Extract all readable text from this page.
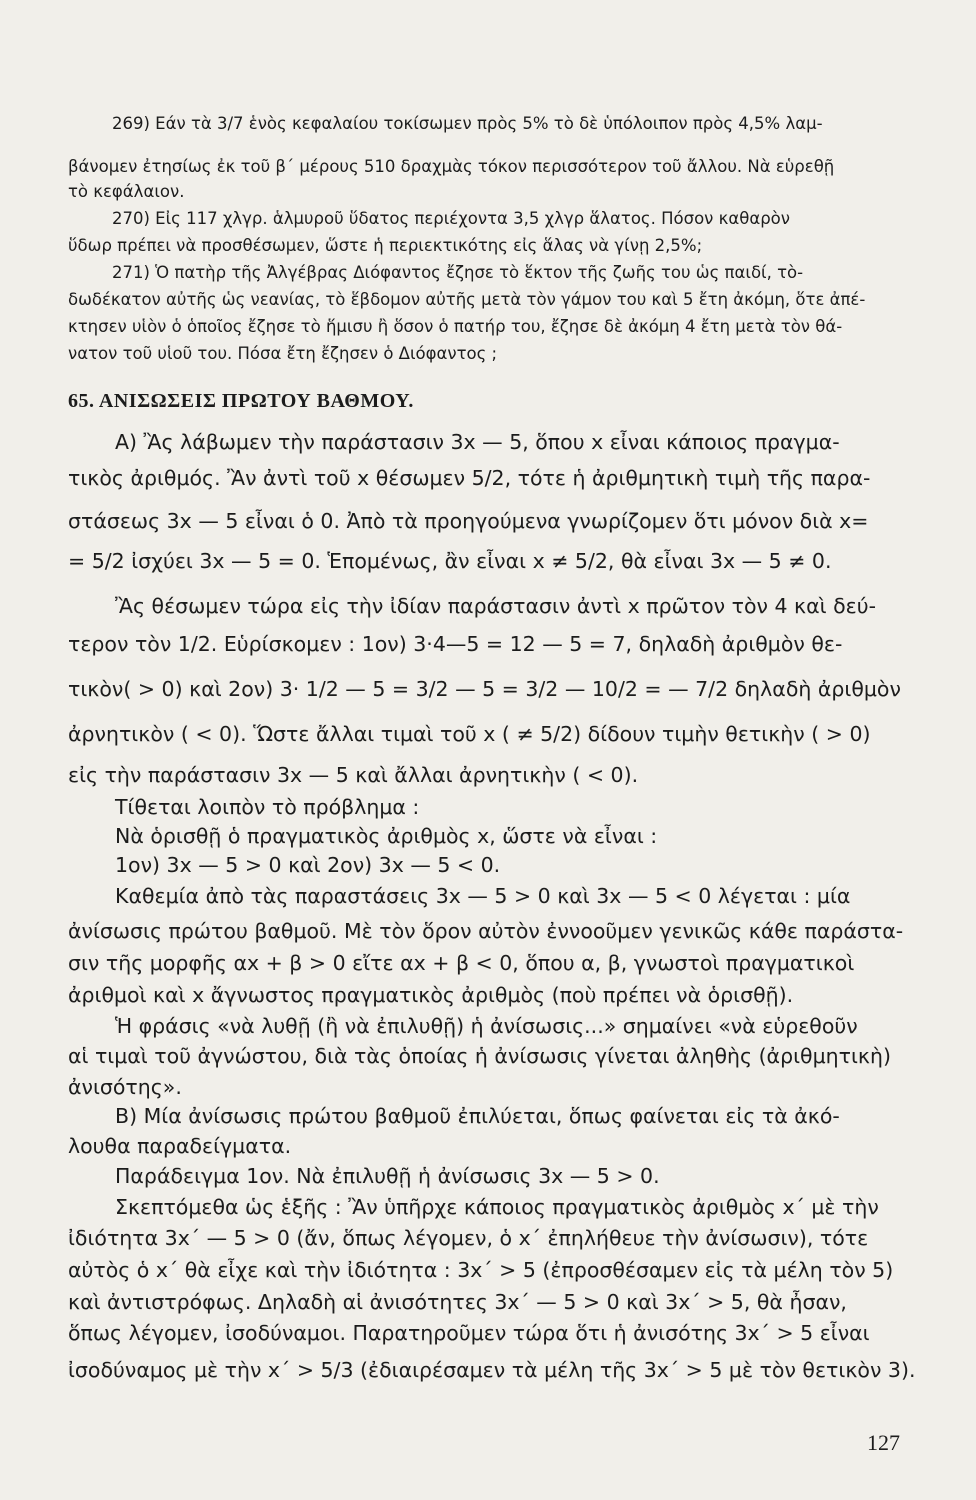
269) Εάν τὰ 3/7 ἑνὸς κεφαλαίου τοκίσωμεν πρὸς 5% τὸ δὲ ὑπόλοιπον πρὸς 4,5% λαμ-
βάνομεν ἐτησίως ἐκ τοῦ β΄ μέρους 510 δραχμὰς τόκον περισσότερον τοῦ ἄλλου. Νὰ εὑρεθῇ
τὸ κεφάλαιον.
270) Εἰς 117 χλγρ. ἁλμυροῦ ὕδατος περιέχοντα 3,5 χλγρ ἅλατος. Πόσον καθαρὸν
ὕδωρ πρέπει νὰ προσθέσωμεν, ὥστε ἡ περιεκτικότης εἰς ἅλας νὰ γίνῃ 2,5%;
271) Ὁ πατὴρ τῆς Ἀλγέβρας Διόφαντος ἔζησε τὸ ἕκτον τῆς ζωῆς του ὡς παιδί, τὸ-
δωδέκατον αὐτῆς ὡς νεανίας, τὸ ἕβδομον αὐτῆς μετὰ τὸν γάμον του καὶ 5 ἔτη ἀκόμη, ὅτε ἀπέ-
κτησεν υἱὸν ὁ ὁποῖος ἔζησε τὸ ἥμισυ ἢ ὅσον ὁ πατήρ του, ἔζησε δὲ ἀκόμη 4 ἔτη μετὰ τὸν θά-
νατον τοῦ υἱοῦ του. Πόσα ἔτη ἔζησεν ὁ Διόφαντος ;
65. ΑΝΙΣΩΣΕΙΣ ΠΡΩΤΟΥ ΒΑΘΜΟΥ.
Α) Ἂς λάβωμεν τὴν παράστασιν 3x — 5, ὅπου x εἶναι κάποιος πραγμα-
τικὸς ἀριθμός. Ἂν ἀντὶ τοῦ x θέσωμεν 5/2, τότε ἡ ἀριθμητικὴ τιμὴ τῆς παρα-
στάσεως 3x — 5 εἶναι ὁ 0. Ἀπὸ τὰ προηγούμενα γνωρίζομεν ὅτι μόνον διὰ x=
= 5/2 ἰσχύει 3x — 5 = 0. Ἑπομένως, ἂν εἶναι x ≠ 5/2, θὰ εἶναι 3x — 5 ≠ 0.
Ἂς θέσωμεν τώρα εἰς τὴν ἰδίαν παράστασιν ἀντὶ x πρῶτον τὸν 4 καὶ δεύ-
τερον τὸν 1/2. Εὑρίσκομεν : 1ον) 3·4—5 = 12 — 5 = 7, δηλαδὴ ἀριθμὸν θε-
τικὸν( > 0) καὶ 2ον) 3· 1/2 — 5 = 3/2 — 5 = 3/2 — 10/2 = — 7/2 δηλαδὴ ἀριθμὸν
ἀρνητικὸν ( < 0). Ὥστε ἄλλαι τιμαὶ τοῦ x ( ≠ 5/2) δίδουν τιμὴν θετικὴν ( > 0)
εἰς τὴν παράστασιν 3x — 5 καὶ ἄλλαι ἀρνητικὴν ( < 0).
Τίθεται λοιπὸν τὸ πρόβλημα :
Νὰ ὁρισθῇ ὁ πραγματικὸς ἀριθμὸς x, ὥστε νὰ εἶναι :
1ον) 3x — 5 > 0 καὶ 2ον) 3x — 5 < 0.
Καθεμία ἀπὸ τὰς παραστάσεις 3x — 5 > 0 καὶ 3x — 5 < 0 λέγεται : μία
ἀνίσωσις πρώτου βαθμοῦ. Μὲ τὸν ὅρον αὐτὸν ἐννοοῦμεν γενικῶς κάθε παράστα-
σιν τῆς μορφῆς αx + β > 0 εἴτε αx + β < 0, ὅπου α, β, γνωστοὶ πραγματικοὶ
ἀριθμοὶ καὶ x ἄγνωστος πραγματικὸς ἀριθμὸς (ποὺ πρέπει νὰ ὁρισθῇ).
Ἡ φράσις «νὰ λυθῇ (ἢ νὰ ἐπιλυθῇ) ἡ ἀνίσωσις...» σημαίνει «νὰ εὑρεθοῦν
αἱ τιμαὶ τοῦ ἀγνώστου, διὰ τὰς ὁποίας ἡ ἀνίσωσις γίνεται ἀληθὴς (ἀριθμητικὴ)
ἀνισότης».
Β) Μία ἀνίσωσις πρώτου βαθμοῦ ἐπιλύεται, ὅπως φαίνεται εἰς τὰ ἀκό-
λουθα παραδείγματα.
Παράδειγμα 1ον. Νὰ ἐπιλυθῇ ἡ ἀνίσωσις 3x — 5 > 0.
Σκεπτόμεθα ὡς ἑξῆς : Ἂν ὑπῆρχε κάποιος πραγματικὸς ἀριθμὸς x΄ μὲ τὴν
ἰδιότητα 3x΄ — 5 > 0 (ἄν, ὅπως λέγομεν, ὁ x΄ ἐπηλήθευε τὴν ἀνίσωσιν), τότε
αὐτὸς ὁ x΄ θὰ εἶχε καὶ τὴν ἰδιότητα : 3x΄ > 5 (ἐπροσθέσαμεν εἰς τὰ μέλη τὸν 5)
καὶ ἀντιστρόφως. Δηλαδὴ αἱ ἀνισότητες 3x΄ — 5 > 0 καὶ 3x΄ > 5, θὰ ἦσαν,
ὅπως λέγομεν, ἰσοδύναμοι. Παρατηροῦμεν τώρα ὅτι ἡ ἀνισότης 3x΄ > 5 εἶναι
ἰσοδύναμος μὲ τὴν x΄ > 5/3 (ἐδιαιρέσαμεν τὰ μέλη τῆς 3x΄ > 5 μὲ τὸν θετικὸν 3).
127
